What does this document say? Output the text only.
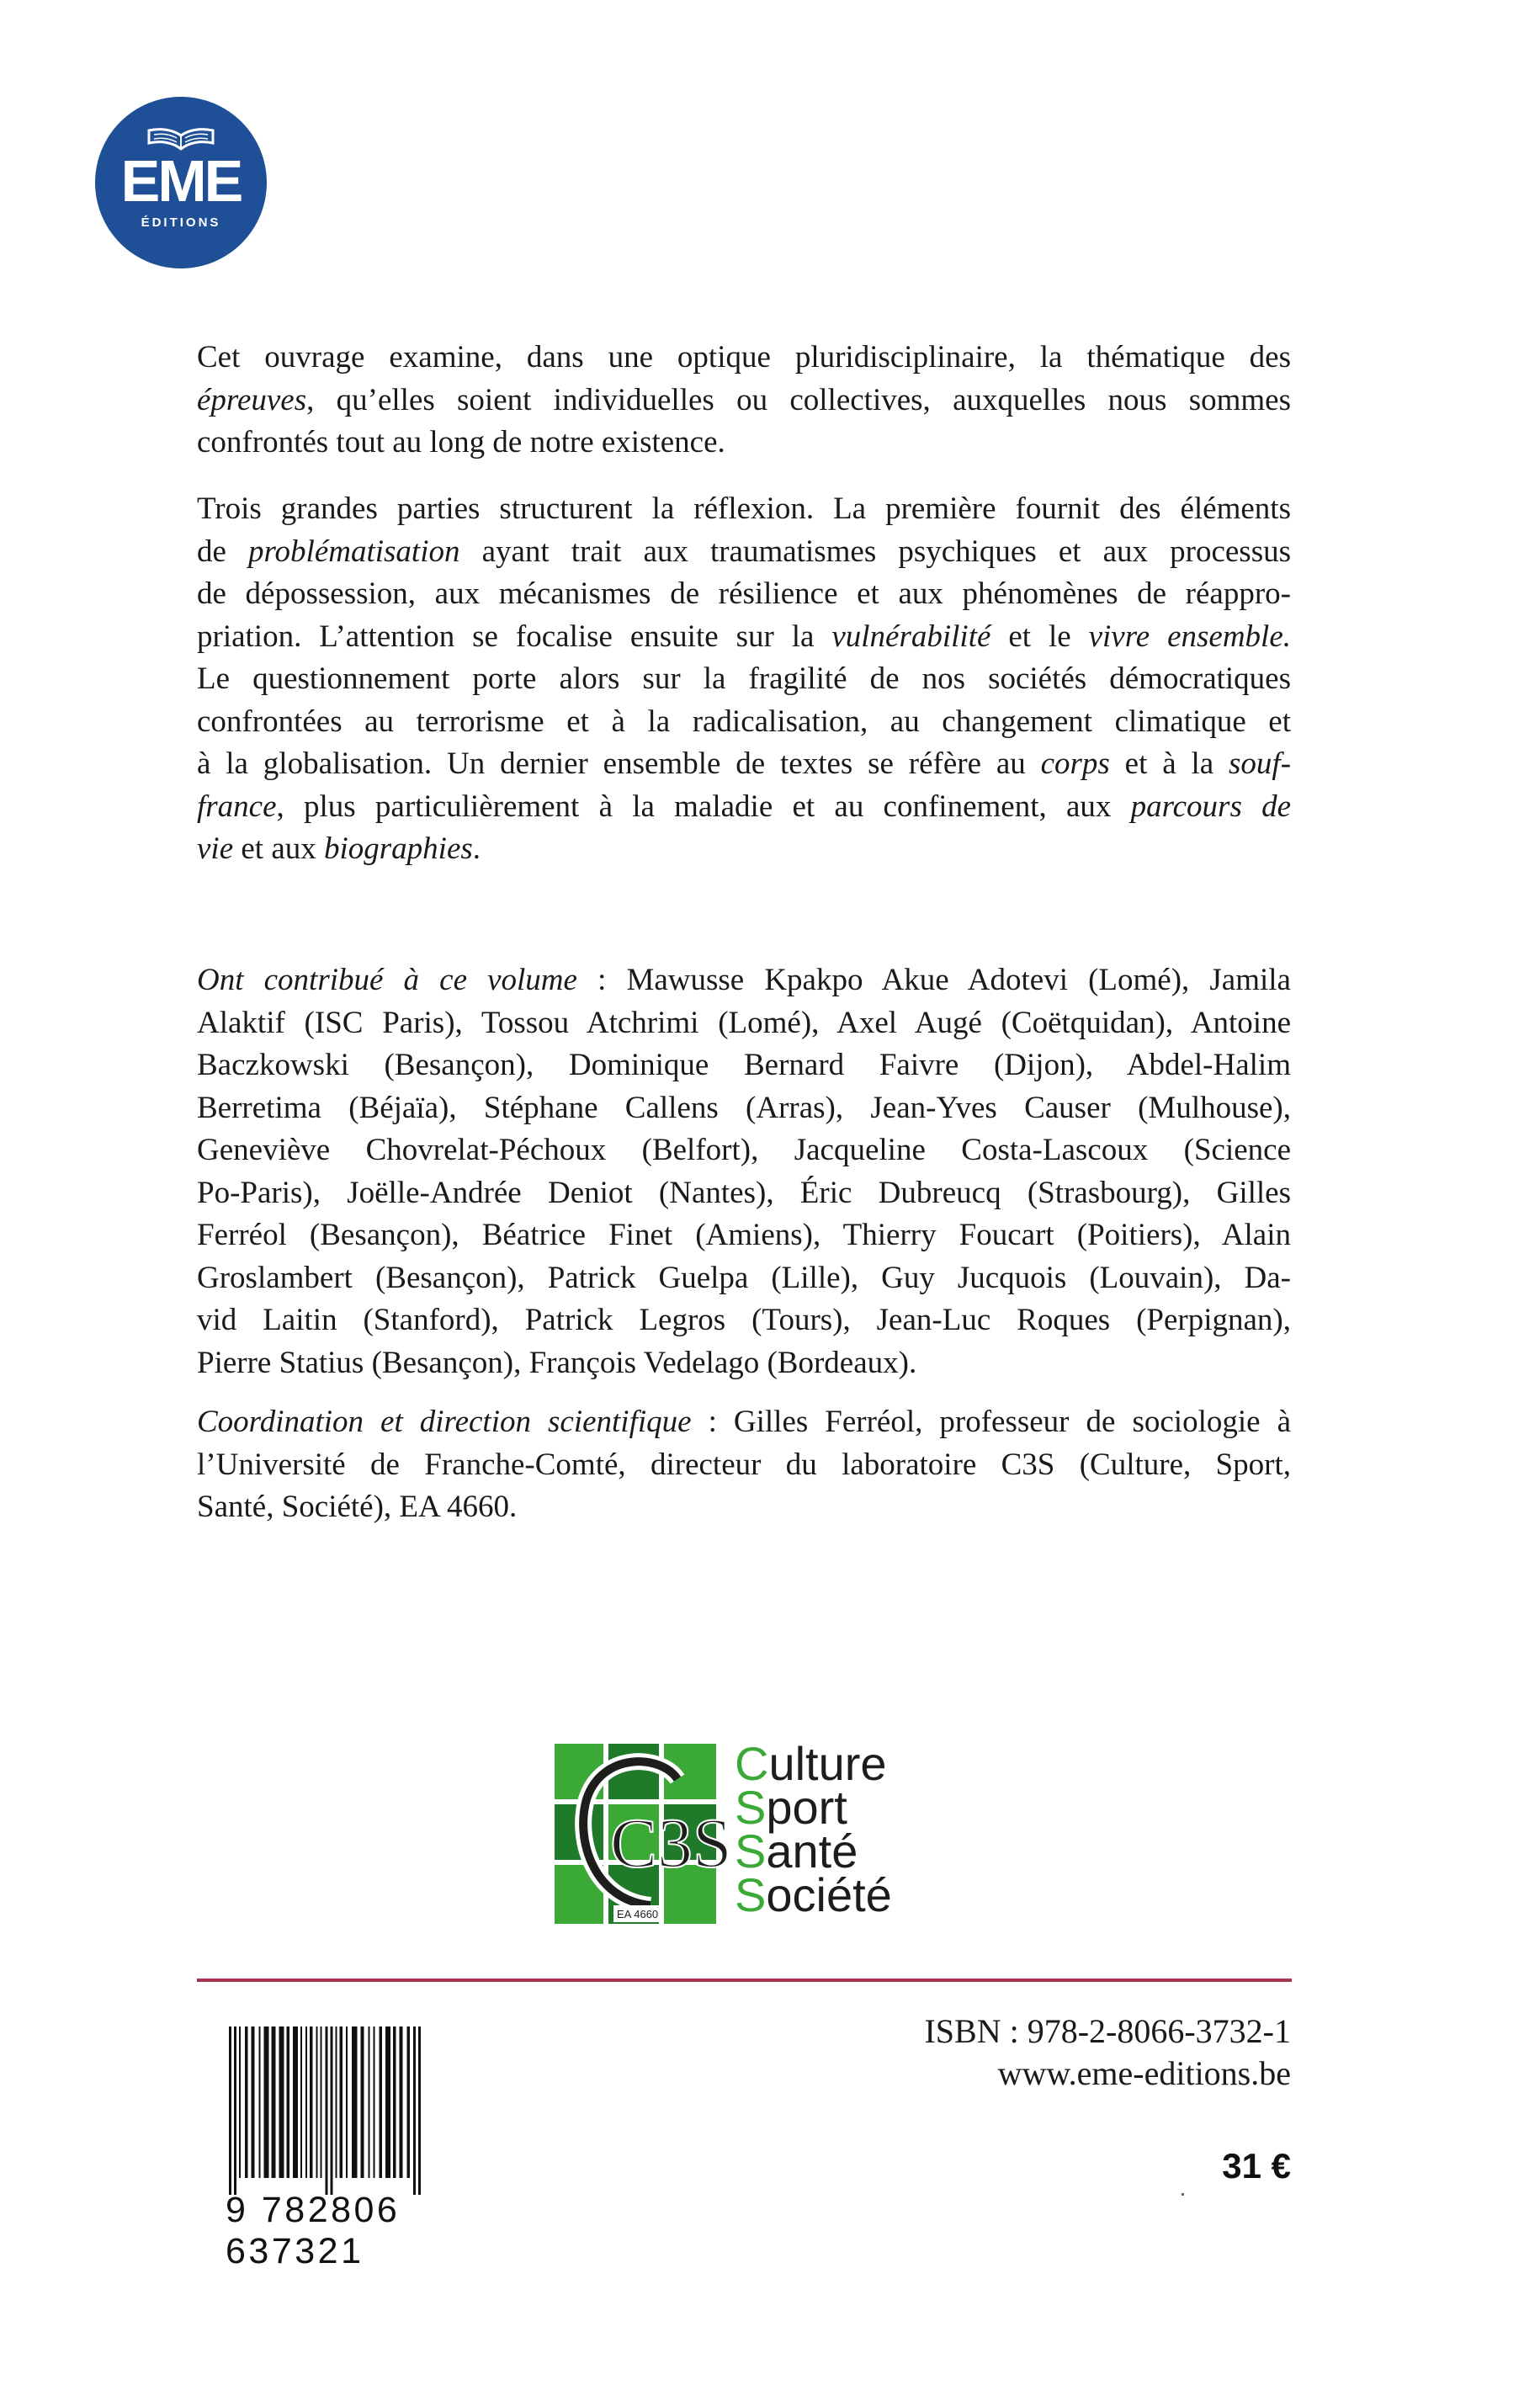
EME
ÉDITIONS

Cet ouvrage examine, dans une optique pluridisciplinaire, la thématique des
épreuves, qu’elles soient individuelles ou collectives, auxquelles nous sommes
confrontés tout au long de notre existence.

Trois grandes parties structurent la réflexion. La première fournit des éléments
de problématisation ayant trait aux traumatismes psychiques et aux processus
de dépossession, aux mécanismes de résilience et aux phénomènes de réappro-
priation. L’attention se focalise ensuite sur la vulnérabilité et le vivre ensemble.
Le questionnement porte alors sur la fragilité de nos sociétés démocratiques
confrontées au terrorisme et à la radicalisation, au changement climatique et
à la globalisation. Un dernier ensemble de textes se réfère au corps et à la souf-
france, plus particulièrement à la maladie et au confinement, aux parcours de
vie et aux biographies.

Ont contribué à ce volume : Mawusse Kpakpo Akue Adotevi (Lomé), Jamila
Alaktif (ISC Paris), Tossou Atchrimi (Lomé), Axel Augé (Coëtquidan), Antoine
Baczkowski (Besançon), Dominique Bernard Faivre (Dijon), Abdel-Halim
Berretima (Béjaïa), Stéphane Callens (Arras), Jean-Yves Causer (Mulhouse),
Geneviève Chovrelat-Péchoux (Belfort), Jacqueline Costa-Lascoux (Science
Po-Paris), Joëlle-Andrée Deniot (Nantes), Éric Dubreucq (Strasbourg), Gilles
Ferréol (Besançon), Béatrice Finet (Amiens), Thierry Foucart (Poitiers), Alain
Groslambert (Besançon), Patrick Guelpa (Lille), Guy Jucquois (Louvain), Da-
vid Laitin (Stanford), Patrick Legros (Tours), Jean-Luc Roques (Perpignan),
Pierre Statius (Besançon), François Vedelago (Bordeaux).

Coordination et direction scientifique : Gilles Ferréol, professeur de sociologie à
l’Université de Franche-Comté, directeur du laboratoire C3S (Culture, Sport,
Santé, Société), EA 4660.

C3S
EA 4660
Culture
Sport
Santé
Société
9 782806 637321
ISBN : 978-2-8066-3732-1
www.eme-editions.be
31 €
